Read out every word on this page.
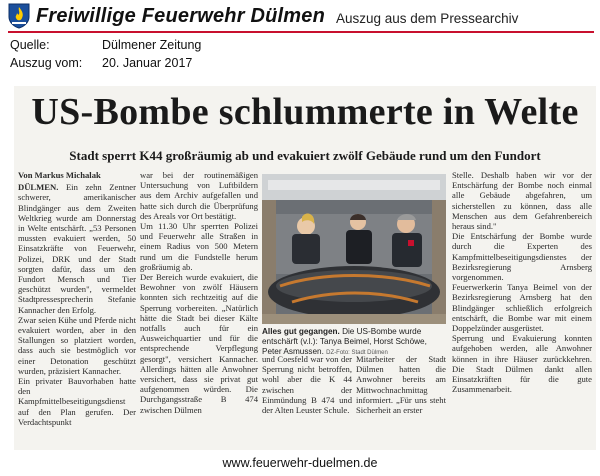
Freiwillige Feuerwehr Dülmen Auszug aus dem Pressearchiv
Quelle:	Dülmener Zeitung
Auszug vom: 20. Januar 2017
US-Bombe schlummerte in Welte
Stadt sperrt K44 großräumig ab und evakuiert zwölf Gebäude rund um den Fundort

Von Markus Michalak

DÜLMEN. Ein zehn Zentner schwerer, amerikanischer Blindgänger aus dem Zweiten Weltkrieg wurde am Donnerstag in Welte entschärft. „53 Personen mussten evakuiert werden, 50 Einsatzkräfte von Feuerwehr, Polizei, DRK und der Stadt sorgten dafür, dass um den Fundort Mensch und Tier geschützt wurden", vermeldet Stadtpressesprecherin Stefanie Kannacher den Erfolg.

Zwar seien Kühe und Pferde nicht evakuiert worden, aber in den Stallungen so platziert worden, dass auch sie bestmöglich vor einer Detonation geschützt wurden, präzisiert Kannacher.

Ein privater Bauvorhaben hatte den Kampfmittelbeseitigungsdienst auf den Plan gerufen. Der Verdachtspunkt

war bei der routinemäßigen Untersuchung von Luftbildern aus dem Archiv aufgefallen und hatte sich durch die Überprüfung des Areals vor Ort bestätigt.

Um 11.30 Uhr sperrten Polizei und Feuerwehr alle Straßen in einem Radius von 500 Metern rund um die Fundstelle herum großräumig ab.

Der Bereich wurde evakuiert, die Bewohner von zwölf Häusern konnten sich rechtzeitig auf die Sperrung vorbereiten. „Natürlich hätte die Stadt bei dieser Kälte notfalls auch für ein Ausweichquartier und für die entsprechende Verpflegung gesorgt", versichert Kannacher. Allerdings hätten alle Anwohner versichert, dass sie privat gut aufgenommen würden. Die Durchgangsstraße B 474 zwischen Dülmen

Alles gut gegangen. Die US-Bombe wurde entschärft (v.l.): Tanya Beimel, Horst Schöwe, Peter Asmussen. DZ-Foto: Stadt Dülmen

und Coesfeld war von der Sperrung nicht betroffen, wohl aber die K 44 zwischen der Einmündung B 474 und der Alten Leuster Schule.

Mitarbeiter der Stadt Dülmen hatten die Anwohner bereits am Mittwochnachmittag informiert. „Für uns steht Sicherheit an erster

Stelle. Deshalb haben wir vor der Entschärfung der Bombe noch einmal alle Gebäude abgefahren, um sicherstellen zu können, dass alle Menschen aus dem Gefahrenbereich heraus sind."

Die Entschärfung der Bombe wurde durch die Experten des Kampfmittelbeseitigungsdienstes der Bezirksregierung Arnsberg vorgenommen.

Feuerwerkerin Tanya Beimel von der Bezirksregierung Arnsberg hat den Blindgänger schließlich erfolgreich entschärft, die Bombe war mit einem Doppelzünder ausgerüstet.

Sperrung und Evakuierung konnten aufgehoben werden, alle Anwohner können in ihre Häuser zurückkehren. Die Stadt Dülmen dankt allen Einsatzkräften für die gute Zusammenarbeit.

www.feuerwehr-duelmen.de
